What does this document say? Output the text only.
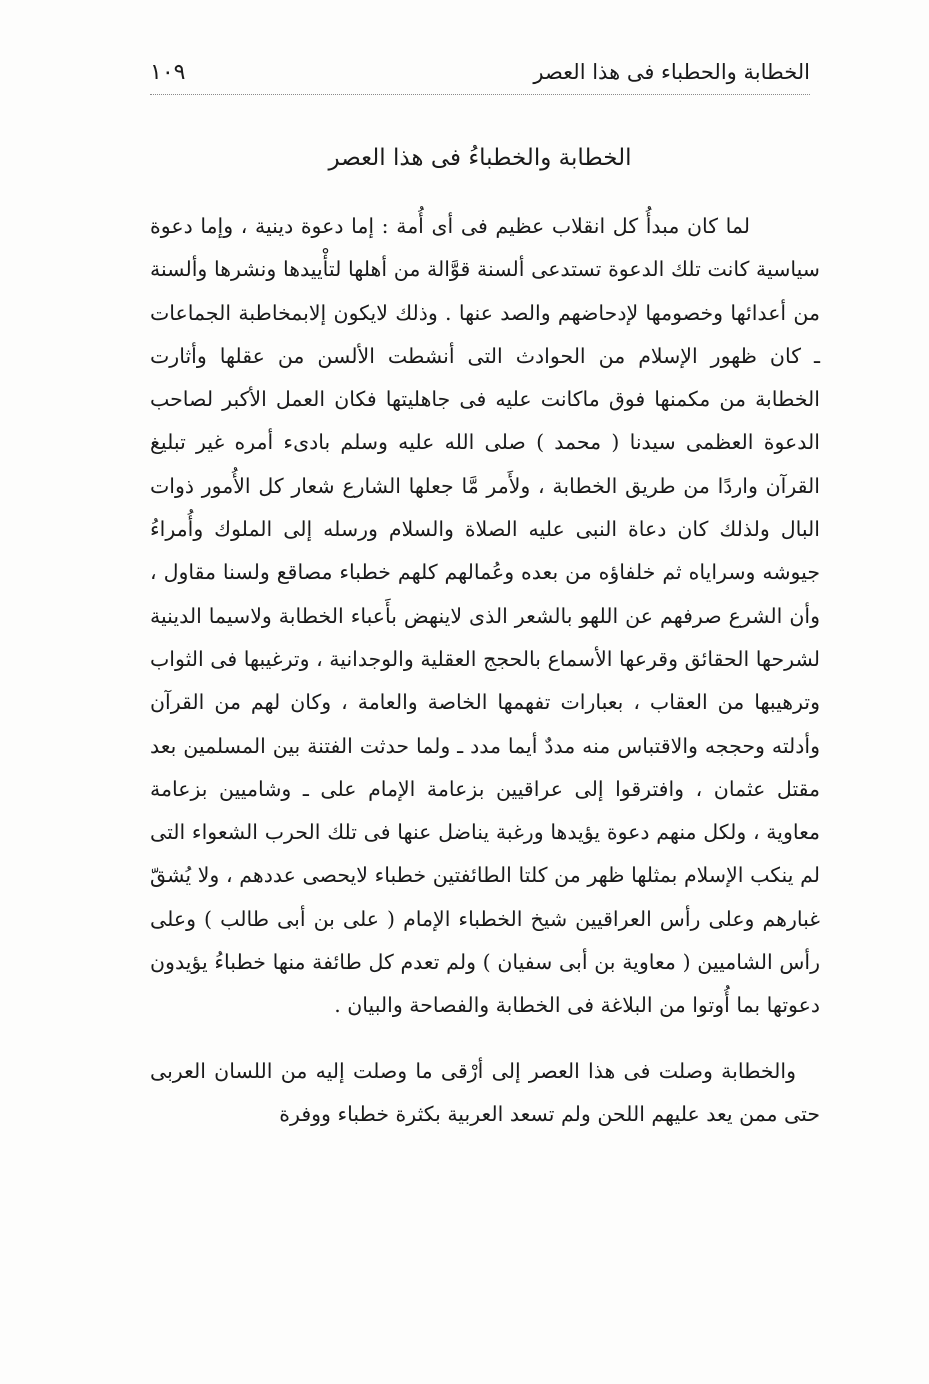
الخطابة والحطباء فى هذا العصر
١٠٩
الخطابة والخطباءُ فى هذا العصر

لما كان مبدأُ كل انقلاب عظيم فى أى أُمة : إما دعوة دينية ، وإما دعوة سياسية كانت تلك الدعوة تستدعى ألسنة قوَّالة من أهلها لتأْييدها ونشرها وألسنة من أعدائها وخصومها لإدحاضهم والصد عنها . وذلك لايكون إلابمخاطبة الجماعات ـ كان ظهور الإسلام من الحوادث التى أنشطت الألسن من عقلها وأثارت الخطابة من مكمنها فوق ماكانت عليه فى جاهليتها فكان العمل الأكبر لصاحب الدعوة العظمى سيدنا ( محمد ) صلى الله عليه وسلم بادىء أمره غير تبليغ القرآن واردًا من طريق الخطابة ، ولأَمر مَّا جعلها الشارع شعار كل الأُمور ذوات البال ولذلك كان دعاة النبى عليه الصلاة والسلام ورسله إلى الملوك وأُمراءُ جيوشه وسراياه ثم خلفاؤه من بعده وعُمالهم كلهم خطباء مصاقع ولسنا مقاول ، وأن الشرع صرفهم عن اللهو بالشعر الذى لاينهض بأَعباء الخطابة ولاسيما الدينية لشرحها الحقائق وقرعها الأسماع بالحجج العقلية والوجدانية ، وترغيبها فى الثواب وترهيبها من العقاب ، بعبارات تفهمها الخاصة والعامة ، وكان لهم من القرآن وأدلته وحججه والاقتباس منه مددٌ أيما مدد ـ ولما حدثت الفتنة بين المسلمين بعد مقتل عثمان ، وافترقوا إلى عراقيين بزعامة الإمام على ـ وشاميين بزعامة معاوية ، ولكل منهم دعوة يؤيدها ورغبة يناضل عنها فى تلك الحرب الشعواء التى لم ينكب الإسلام بمثلها ظهر من كلتا الطائفتين خطباء لايحصى عددهم ، ولا يُشقّ غبارهم وعلى رأس العراقيين شيخ الخطباء الإمام ( على بن أبى طالب ) وعلى رأس الشاميين ( معاوية بن أبى سفيان ) ولم تعدم كل طائفة منها خطباءُ يؤيدون دعوتها بما أُوتوا من البلاغة فى الخطابة والفصاحة والبيان .

والخطابة وصلت فى هذا العصر إلى أرْقى ما وصلت إليه من اللسان العربى حتى ممن يعد عليهم اللحن ولم تسعد العربية بكثرة خطباء ووفرة
